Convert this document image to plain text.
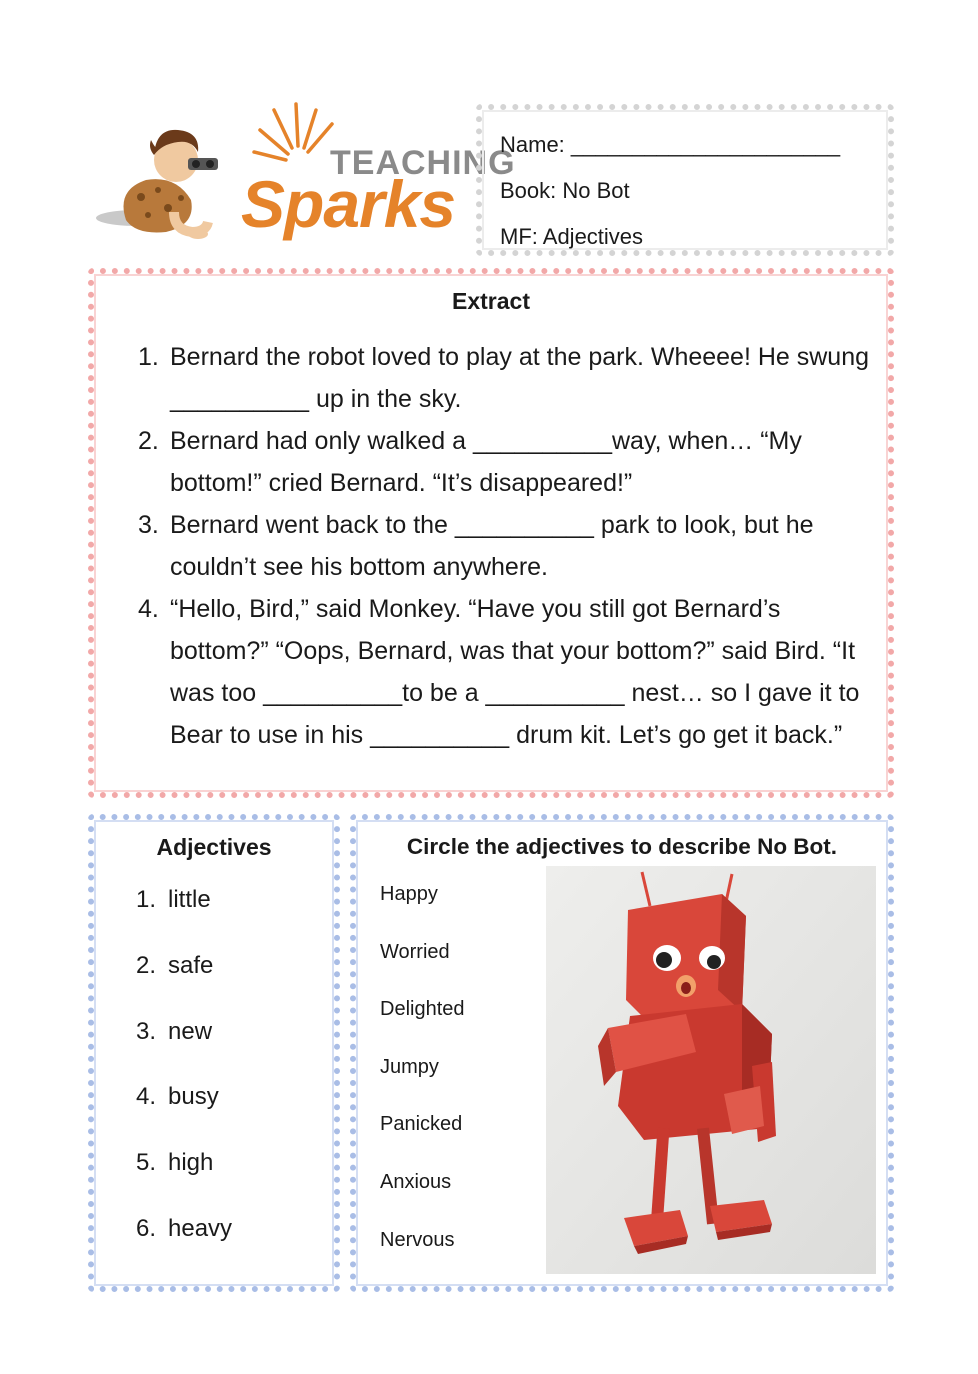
TEACHING
Sparks
Name: ______________________
Book: No Bot
MF: Adjectives
Extract
1. Bernard the robot loved to play at the park. Wheeee! He swung __________ up in the sky.
2. Bernard had only walked a __________way, when… “My bottom!” cried Bernard. “It’s disappeared!”
3. Bernard went back to the __________ park to look, but he couldn’t see his bottom anywhere.
4. “Hello, Bird,” said Monkey. “Have you still got Bernard’s bottom?” “Oops, Bernard, was that your bottom?” said Bird. “It was too __________to be a __________ nest… so I gave it to Bear to use in his __________ drum kit. Let’s go get it back.”
Adjectives
1. little
2. safe
3. new
4. busy
5. high
6. heavy
Circle the adjectives to describe No Bot.
Happy
Worried
Delighted
Jumpy
Panicked
Anxious
Nervous
